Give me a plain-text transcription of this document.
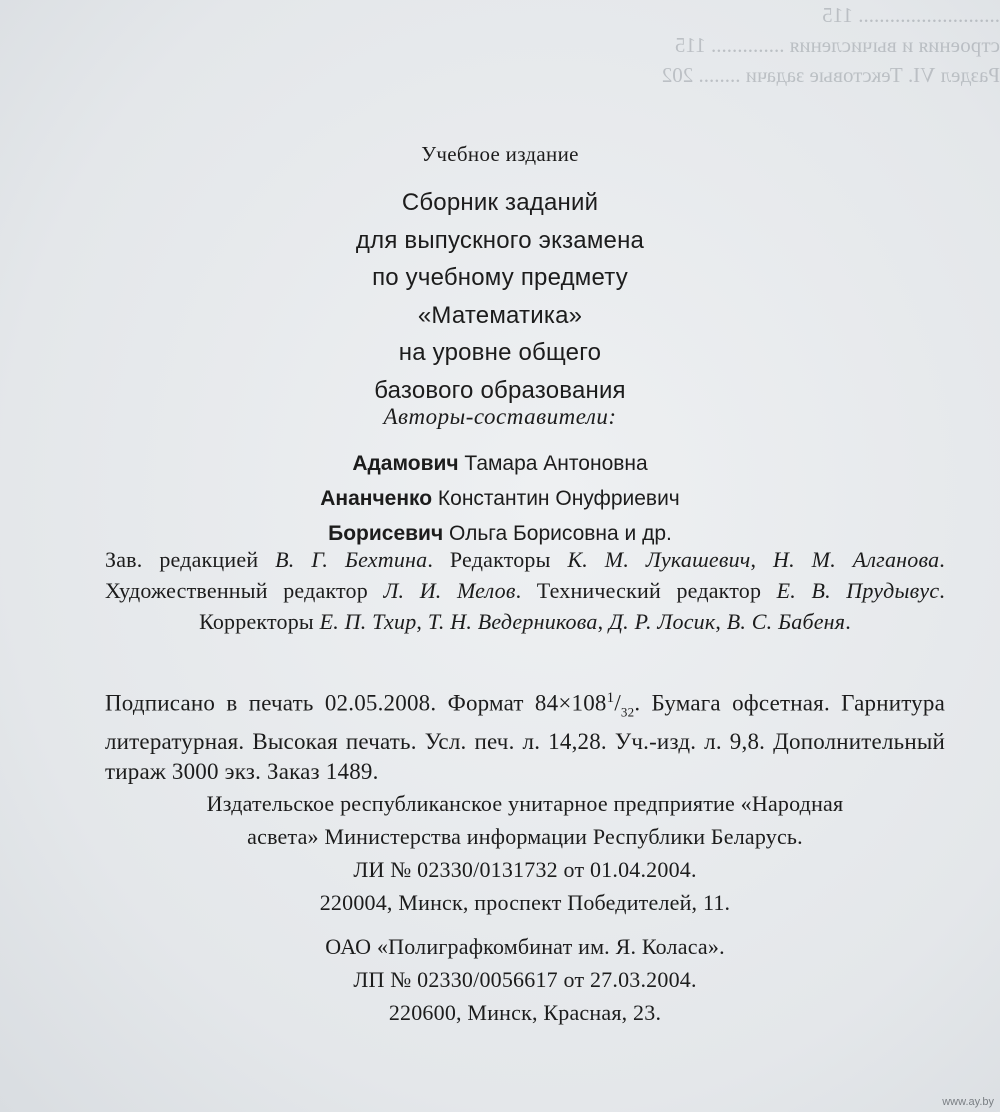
........................... 115
строения и вычисления .............. 115
Раздел VI. Текстовые задачи ........ 202
Учебное издание
Сборник заданий
для выпускного экзамена
по учебному предмету
«Математика»
на уровне общего
базового образования
Авторы-составители:
Адамович Тамара Антоновна
Ананченко Константин Онуфриевич
Борисевич Ольга Борисовна и др.
Зав. редакцией В. Г. Бехтина. Редакторы К. М. Лукашевич, Н. М. Алганова. Художественный редактор Л. И. Мелов. Технический редактор Е. В. Прудывус. Корректоры Е. П. Тхир, Т. Н. Ведерникова, Д. Р. Лосик, В. С. Бабеня.
Подписано в печать 02.05.2008. Формат $84\times 108^1/_{32}$. Бумага офсетная. Гарнитура литературная. Высокая печать. Усл. печ. л. 14,28. Уч.-изд. л. 9,8. Дополнительный тираж 3000 экз. Заказ 1489.
Издательское республиканское унитарное предприятие «Народная
асвета» Министерства информации Республики Беларусь.
ЛИ № 02330/0131732 от 01.04.2004.
220004, Минск, проспект Победителей, 11.
ОАО «Полиграфкомбинат им. Я. Коласа».
ЛП № 02330/0056617 от 27.03.2004.
220600, Минск, Красная, 23.
www.ay.by
